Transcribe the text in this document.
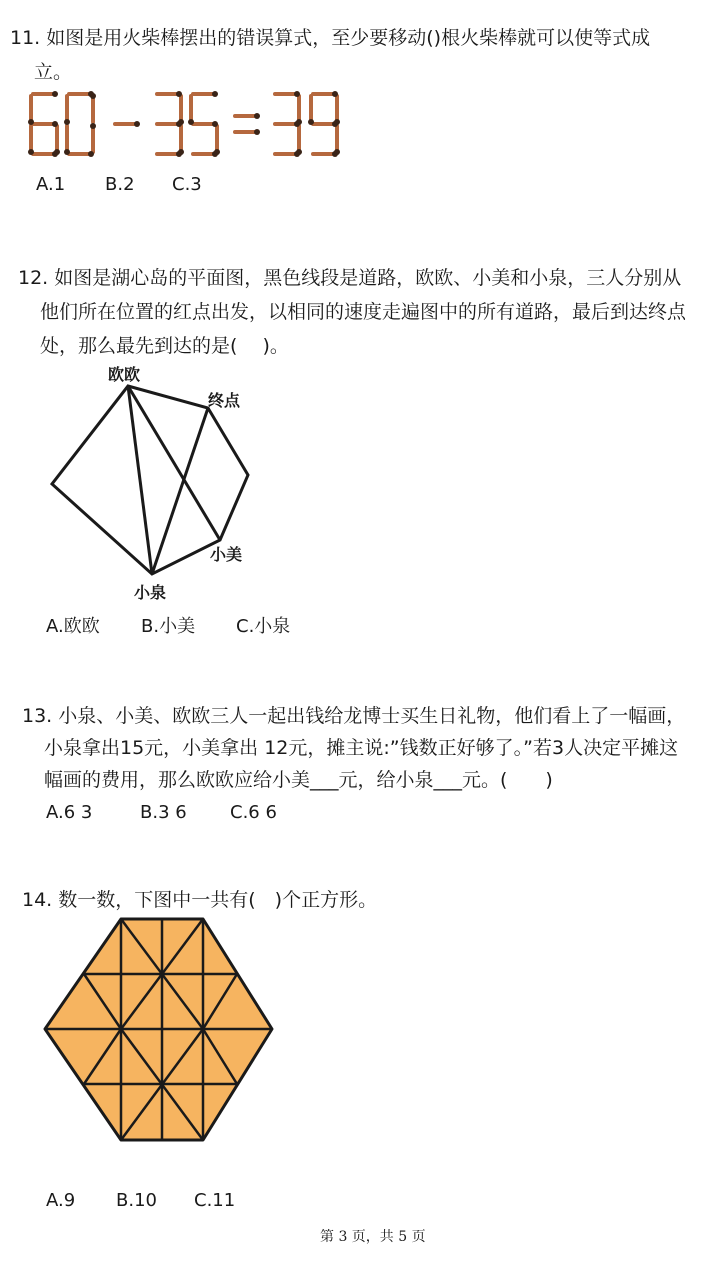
11. 如图是用火柴棒摆出的错误算式，至少要移动()根火柴棒就可以使等式成
立。
A.1 B.2 C.3
12. 如图是湖心岛的平面图，黑色线段是道路，欧欧、小美和小泉，三人分别从
他们所在位置的红点出发，以相同的速度走遍图中的所有道路，最后到达终点
处，那么最先到达的是(　 )。
欧欧
终点
小美
小泉
A.欧欧 B.小美 C.小泉
13. 小泉、小美、欧欧三人一起出钱给龙博士买生日礼物，他们看上了一幅画，
小泉拿出15元，小美拿出 12元，摊主说:”钱数正好够了。”若3人决定平摊这
幅画的费用，那么欧欧应给小美___元，给小泉___元。(　　)
A.6 3	B.3 6 C.6 6
14. 数一数，下图中一共有(　)个正方形。
A.9 B.10 C.11
第 3 页，共 5 页
